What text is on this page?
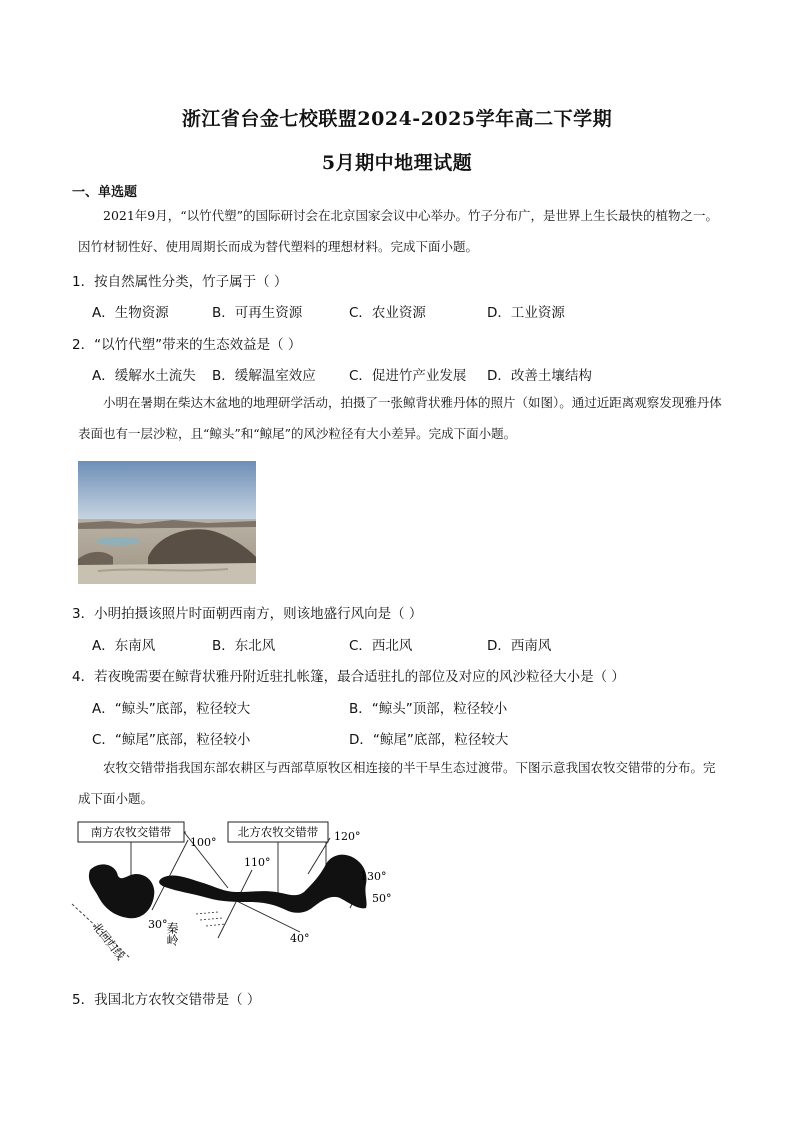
浙江省台金七校联盟2024-2025学年高二下学期
5月期中地理试题
一、单选题
2021年9月，“以竹代塑”的国际研讨会在北京国家会议中心举办。竹子分布广，是世界上生长最快的植物之一。因竹材韧性好、使用周期长而成为替代塑料的理想材料。完成下面小题。
1．按自然属性分类，竹子属于（ ）
A．生物资源	B．可再生资源	C．农业资源	D．工业资源
2．“以竹代塑”带来的生态效益是（ ）
A．缓解水土流失 B．缓解温室效应 C．促进竹产业发展 D．改善土壤结构
小明在暑期在柴达木盆地的地理研学活动，拍摄了一张鲸背状雅丹体的照片（如图）。通过近距离观察发现雅丹体表面也有一层沙粒，且“鲸头”和“鲸尾”的风沙粒径有大小差异。完成下面小题。
3．小明拍摄该照片时面朝西南方，则该地盛行风向是（ ）
A．东南风	B．东北风	C．西北风	D．西南风
4．若夜晚需要在鲸背状雅丹附近驻扎帐篷，最合适驻扎的部位及对应的风沙粒径大小是（ ）
A．“鲸头”底部，粒径较大	B．“鲸头”顶部，粒径较小
C．“鲸尾”底部，粒径较小	D．“鲸尾”底部，粒径较大
农牧交错带指我国东部农耕区与西部草原牧区相连接的半干旱生态过渡带。下图示意我国农牧交错带的分布。完成下面小题。
南方农牧交错带	北方农牧交错带
100°
110°
120°
130°
30°
40°
50°
秦岭
北回归线
5．我国北方农牧交错带是（ ）
